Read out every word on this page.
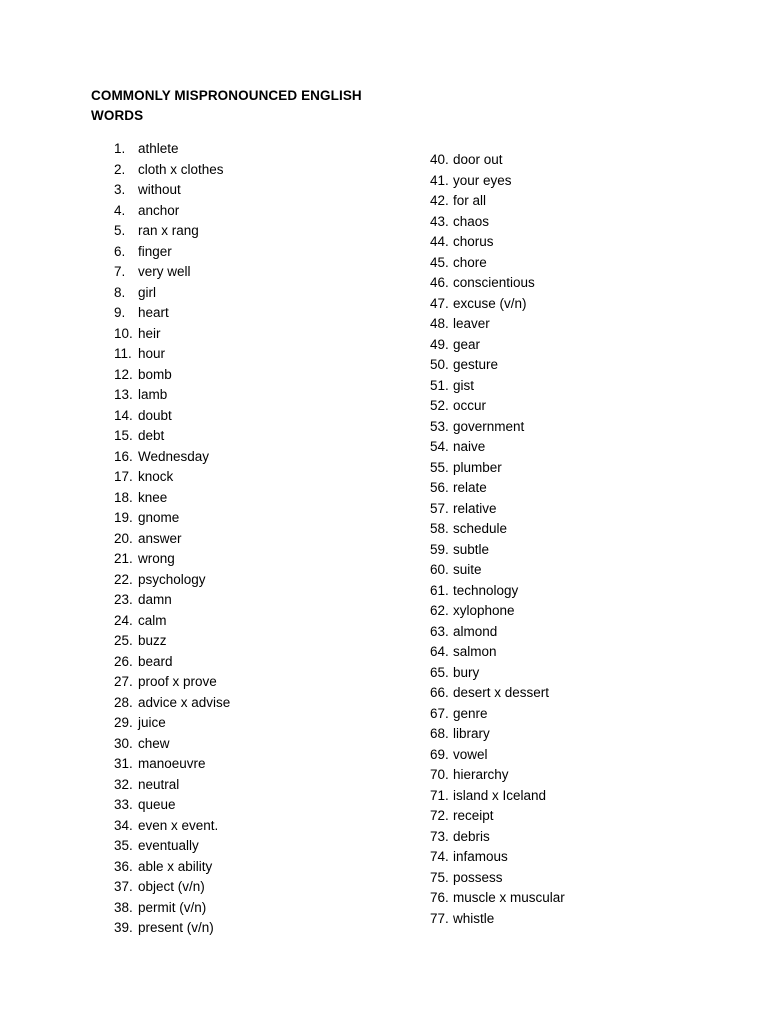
COMMONLY MISPRONOUNCED ENGLISH
WORDS
1. athlete
2. cloth x clothes
3. without
4. anchor
5. ran x rang
6. finger
7. very well
8. girl
9. heart
10. heir
11. hour
12. bomb
13. lamb
14. doubt
15. debt
16. Wednesday
17. knock
18. knee
19. gnome
20. answer
21. wrong
22. psychology
23. damn
24. calm
25. buzz
26. beard
27. proof x prove
28. advice x advise
29. juice
30. chew
31. manoeuvre
32. neutral
33. queue
34. even x event.
35. eventually
36. able x ability
37. object (v/n)
38. permit (v/n)
39. present (v/n)
40. door out
41. your eyes
42. for all
43. chaos
44. chorus
45. chore
46. conscientious
47. excuse (v/n)
48. leaver
49. gear
50. gesture
51. gist
52. occur
53. government
54. naive
55. plumber
56. relate
57. relative
58. schedule
59. subtle
60. suite
61. technology
62. xylophone
63. almond
64. salmon
65. bury
66. desert x dessert
67. genre
68. library
69. vowel
70. hierarchy
71. island x Iceland
72. receipt
73. debris
74. infamous
75. possess
76. muscle x muscular
77. whistle
